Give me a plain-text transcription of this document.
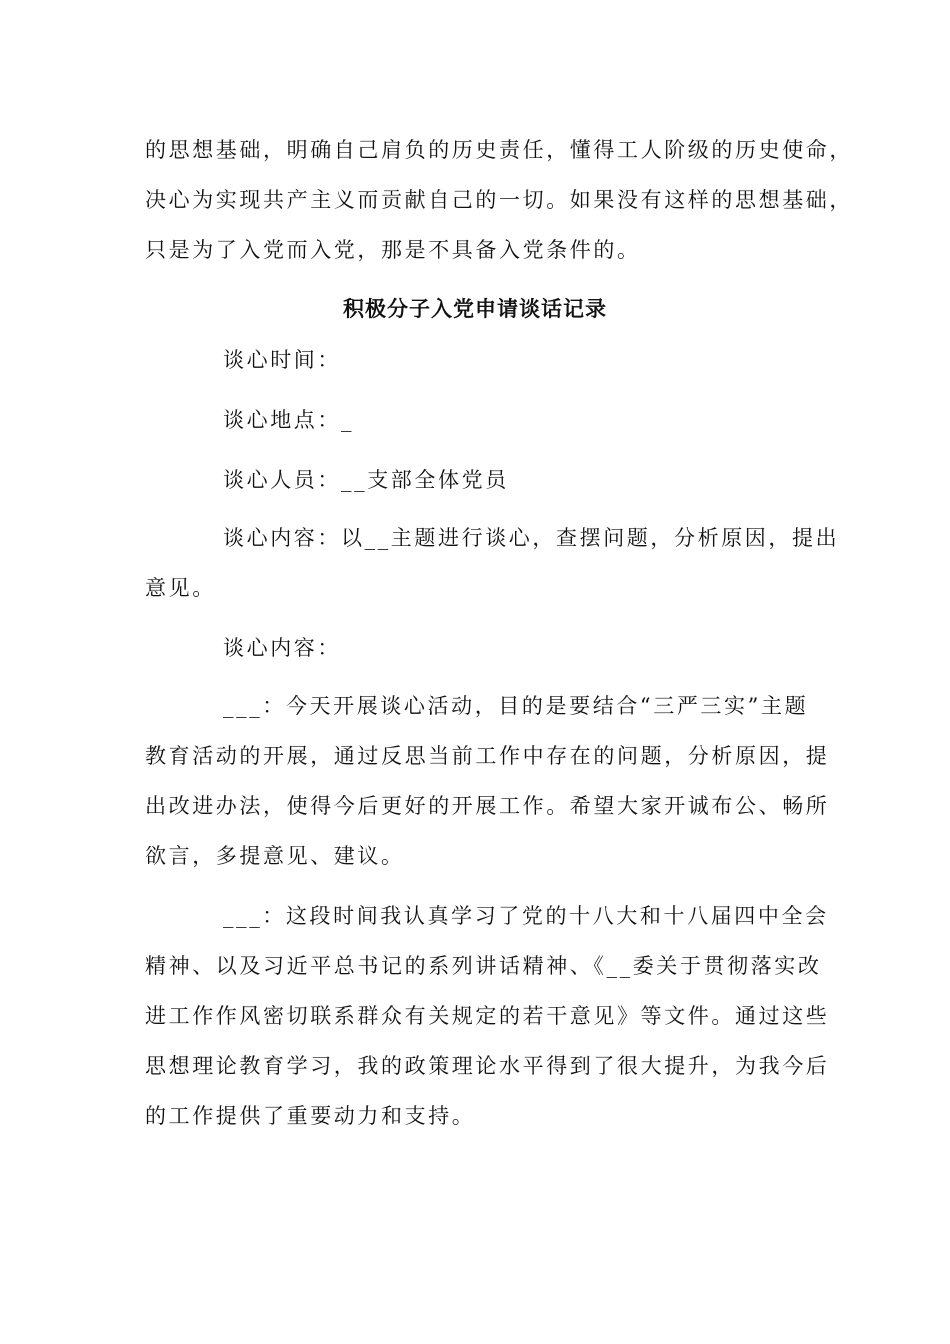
的思想基础，明确自己肩负的历史责任，懂得工人阶级的历史使命，

决心为实现共产主义而贡献自己的一切。如果没有这样的思想基础，

只是为了入党而入党，那是不具备入党条件的。

积极分子入党申请谈话记录

谈心时间：

谈心地点：_

谈心人员：__支部全体党员

谈心内容：以__主题进行谈心，查摆问题，分析原因，提出

意见。

谈心内容：

___：今天开展谈心活动，目的是要结合“三严三实”主题

教育活动的开展，通过反思当前工作中存在的问题，分析原因，提

出改进办法，使得今后更好的开展工作。希望大家开诚布公、畅所

欲言，多提意见、建议。

___：这段时间我认真学习了党的十八大和十八届四中全会

精神、以及习近平总书记的系列讲话精神、《__委关于贯彻落实改

进工作作风密切联系群众有关规定的若干意见》等文件。通过这些

思想理论教育学习，我的政策理论水平得到了很大提升，为我今后

的工作提供了重要动力和支持。
